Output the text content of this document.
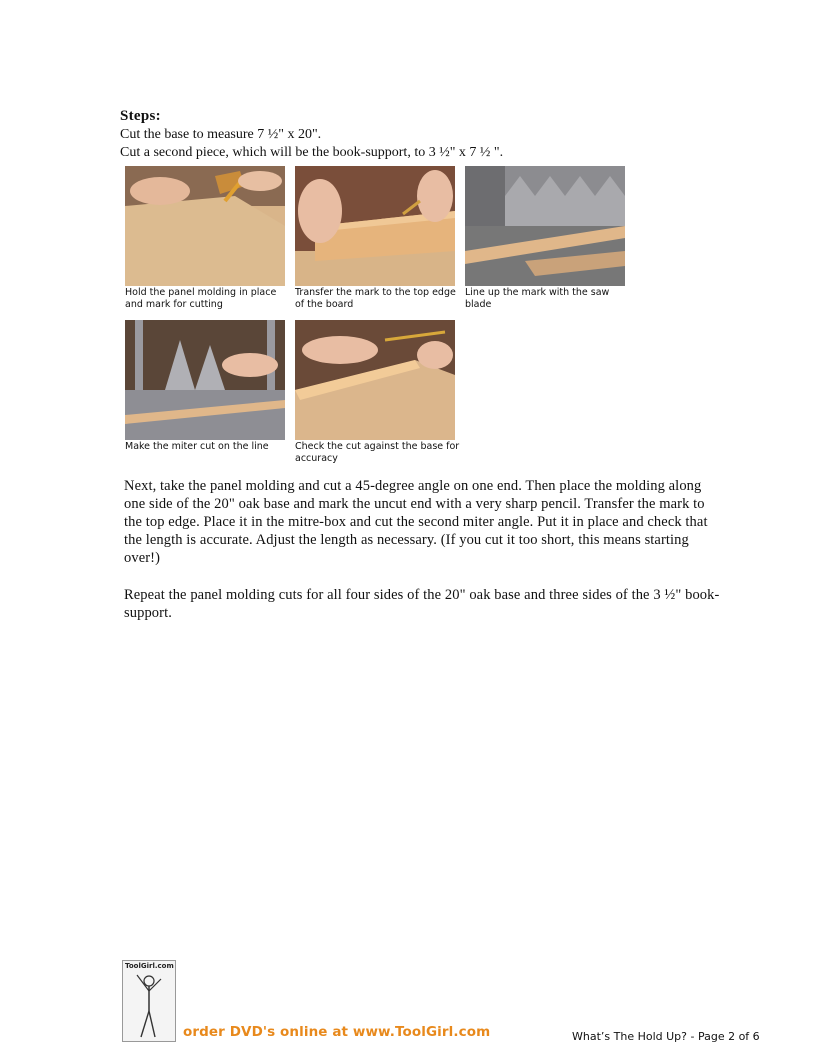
Steps:
Cut the base to measure 7 ½" x 20".
Cut a second piece, which will be the book-support, to 3 ½" x 7 ½ ".
Hold the panel molding in place and mark for cutting
Transfer the mark to the top edge of the board
Line up the mark with the saw blade
Make the miter cut on the line	Check the cut against the base for accuracy
Next, take the panel molding and cut a 45-degree angle on one end. Then place the molding along one side of the 20" oak base and mark the uncut end with a very sharp pencil. Transfer the mark to the top edge. Place it in the mitre-box and cut the second miter angle. Put it in place and check that the length is accurate. Adjust the length as necessary. (If you cut it too short, this means starting over!)
Repeat the panel molding cuts for all four sides of the 20" oak base and three sides of the 3 ½" book-support.
ToolGirl.com
order DVD's online at www.ToolGirl.com	What’s The Hold Up? - Page 2 of 6
